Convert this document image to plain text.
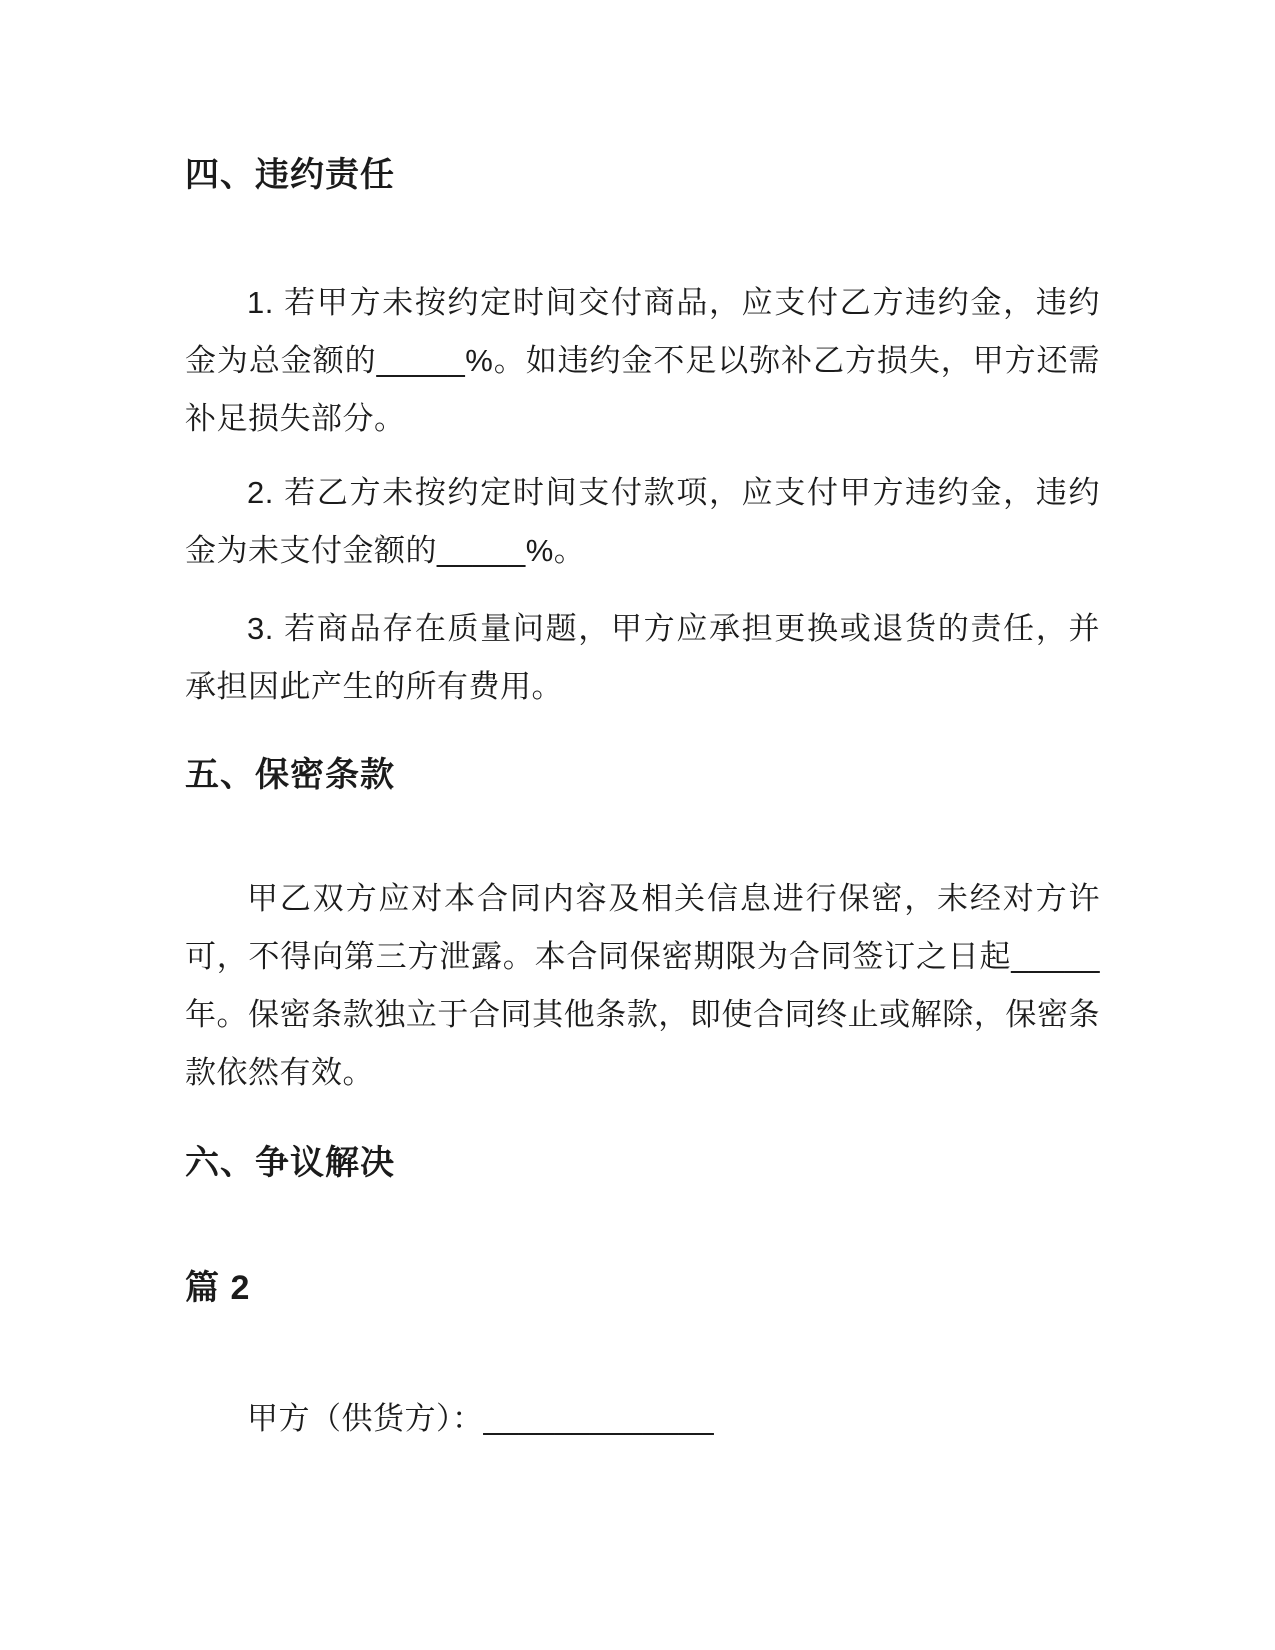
四、违约责任

1. 若甲方未按约定时间交付商品，应支付乙方违约金，违约金为总金额的_____%。如违约金不足以弥补乙方损失，甲方还需补足损失部分。

2. 若乙方未按约定时间支付款项，应支付甲方违约金，违约金为未支付金额的_____%。

3. 若商品存在质量问题，甲方应承担更换或退货的责任，并承担因此产生的所有费用。

五、保密条款

甲乙双方应对本合同内容及相关信息进行保密，未经对方许可，不得向第三方泄露。本合同保密期限为合同签订之日起_____年。保密条款独立于合同其他条款，即使合同终止或解除，保密条款依然有效。

六、争议解决
篇 2

甲方（供货方）：_____________
